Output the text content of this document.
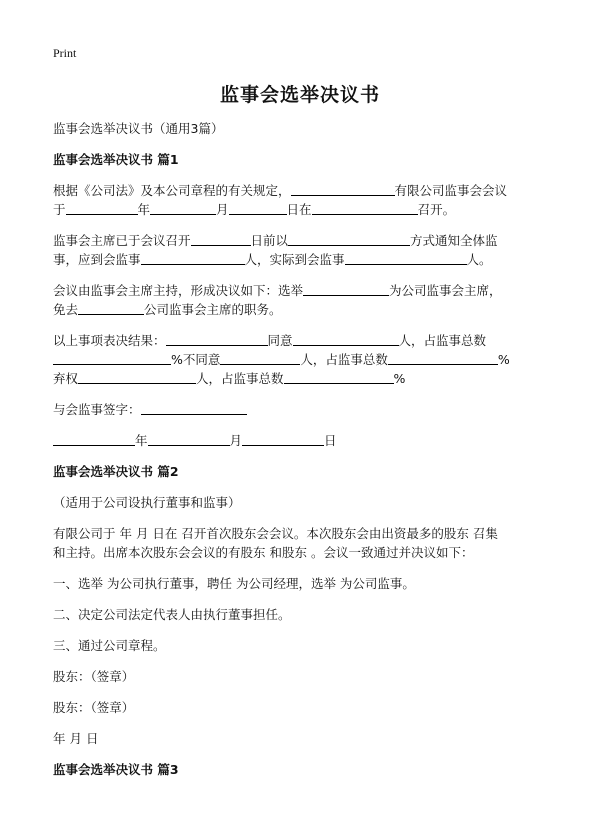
Print
监事会选举决议书
监事会选举决议书（通用3篇）
监事会选举决议书 篇1
根据《公司法》及本公司章程的有关规定，	有限公司监事会会议
于	年	月	日在	召开。
监事会主席已于会议召开	日前以	方式通知全体监
事，应到会监事	人，实际到会监事	人。
会议由监事会主席主持，形成决议如下：选举	为公司监事会主席，
免去	公司监事会主席的职务。
以上事项表决结果：	同意	人，占监事总数
%不同意	人，占监事总数	%
弃权	人，占监事总数	%
与会监事签字：
年	月	日
监事会选举决议书 篇2
（适用于公司设执行董事和监事）
有限公司于 年 月 日在 召开首次股东会会议。本次股东会由出资最多的股东 召集
和主持。出席本次股东会会议的有股东 和股东 。会议一致通过并决议如下：
一、选举 为公司执行董事，聘任 为公司经理，选举 为公司监事。
二、决定公司法定代表人由执行董事担任。
三、通过公司章程。
股东：（签章）
股东：（签章）
年 月 日
监事会选举决议书 篇3
